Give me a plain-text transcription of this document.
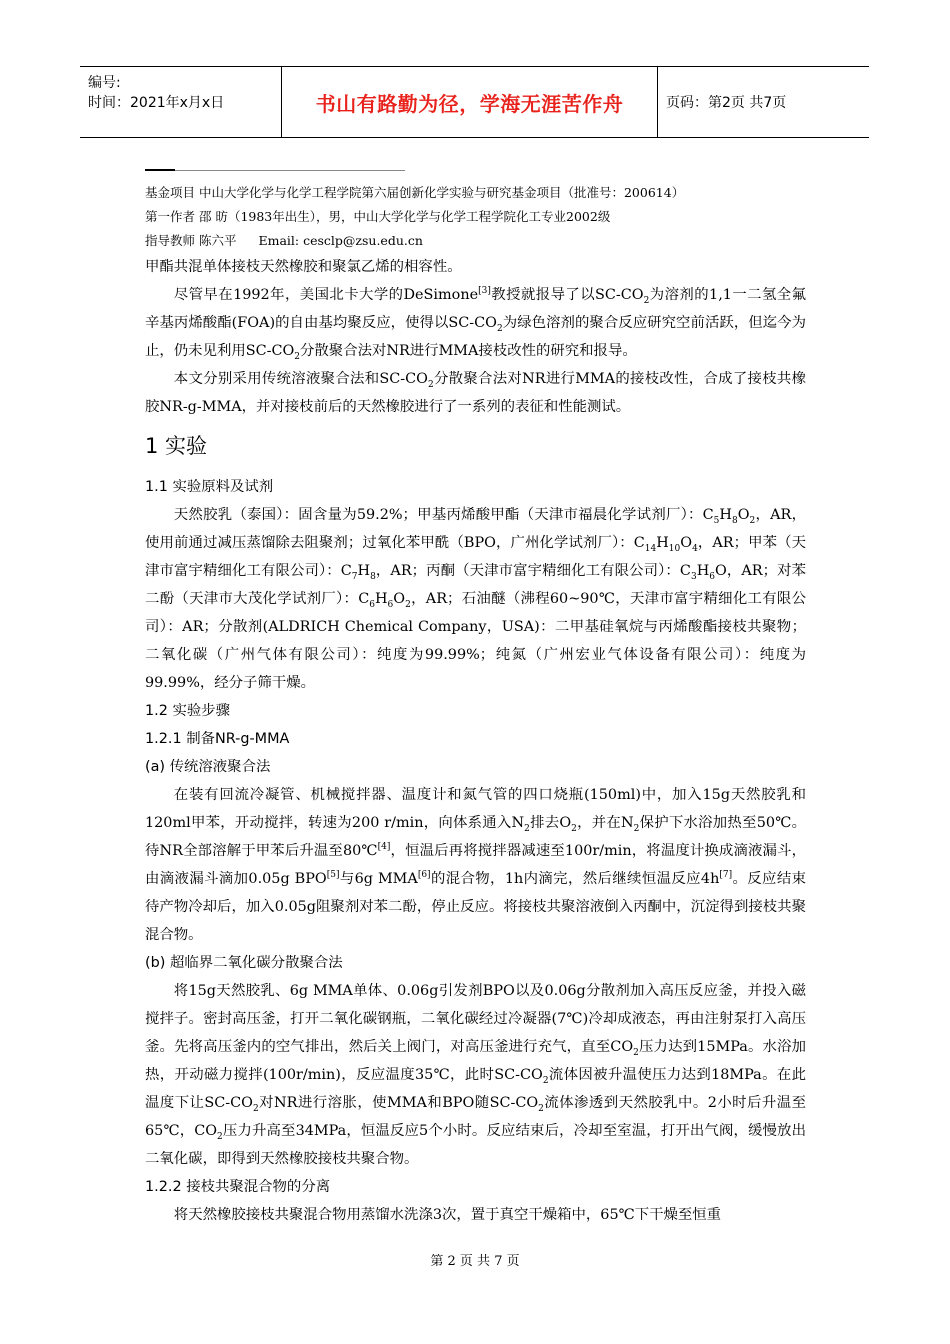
编号:
时间：2021年x月x日	书山有路勤为径，学海无涯苦作舟	页码：第2页 共7页
基金项目 中山大学化学与化学工程学院第六届创新化学实验与研究基金项目（批准号：200614）
第一作者 邵 昉（1983年出生），男，中山大学化学与化学工程学院化工专业2002级
指导教师 陈六平 Email: cesclp@zsu.edu.cn

甲酯共混单体接枝天然橡胶和聚氯乙烯的相容性。

尽管早在1992年，美国北卡大学的DeSimone[3]教授就报导了以$SC-CO_2$为溶剂的1,1一二氢全氟辛基丙烯酸酯(FOA)的自由基均聚反应，使得以$SC-CO_2$为绿色溶剂的聚合反应研究空前活跃，但迄今为止，仍未见利用$SC-CO_2$分散聚合法对NR进行MMA接枝改性的研究和报导。

本文分别采用传统溶液聚合法和$SC-CO_2$分散聚合法对NR进行MMA的接枝改性，合成了接枝共橡胶NR-g-MMA，并对接枝前后的天然橡胶进行了一系列的表征和性能测试。

1 实验
1.1 实验原料及试剂

天然胶乳（泰国）：固含量为59.2%；甲基丙烯酸甲酯（天津市福晨化学试剂厂）：$C_5H_8O_2$，AR，使用前通过减压蒸馏除去阻聚剂；过氧化苯甲酰（BPO，广州化学试剂厂）：$C_{14}H_{10}O_4$，AR；甲苯（天津市富宇精细化工有限公司）：$C_7H_8$，AR；丙酮（天津市富宇精细化工有限公司）：$C_3H_6O$，AR；对苯二酚（天津市大茂化学试剂厂）：$C_6H_6O_2$，AR；石油醚（沸程60~90℃，天津市富宇精细化工有限公司）：AR；分散剂(ALDRICH Chemical Company，USA)：二甲基硅氧烷与丙烯酸酯接枝共聚物；二氧化碳（广州气体有限公司）：纯度为99.99%；纯氮（广州宏业气体设备有限公司）：纯度为99.99%，经分子筛干燥。

1.2 实验步骤
1.2.1 制备NR-g-MMA
(a) 传统溶液聚合法

在装有回流冷凝管、机械搅拌器、温度计和氮气管的四口烧瓶(150ml)中，加入15g天然胶乳和120ml甲苯，开动搅拌，转速为200 r/min，向体系通入$N_2$排去$O_2$，并在$N_2$保护下水浴加热至50℃。待NR全部溶解于甲苯后升温至80℃[4]，恒温后再将搅拌器减速至100r/min，将温度计换成滴液漏斗，由滴液漏斗滴加0.05g BPO[5]与6g MMA[6]的混合物，1h内滴完，然后继续恒温反应4h[7]。反应结束待产物冷却后，加入0.05g阻聚剂对苯二酚，停止反应。将接枝共聚溶液倒入丙酮中，沉淀得到接枝共聚混合物。

(b) 超临界二氧化碳分散聚合法

将15g天然胶乳、6g MMA单体、0.06g引发剂BPO以及0.06g分散剂加入高压反应釜，并投入磁搅拌子。密封高压釜，打开二氧化碳钢瓶，二氧化碳经过冷凝器(7℃)冷却成液态，再由注射泵打入高压釜。先将高压釜内的空气排出，然后关上阀门，对高压釜进行充气，直至$CO_2$压力达到15MPa。水浴加热，开动磁力搅拌(100r/min)，反应温度35℃，此时$SC-CO_2$流体因被升温使压力达到18MPa。在此温度下让$SC-CO_2$对NR进行溶胀，使MMA和BPO随$SC-CO_2$流体渗透到天然胶乳中。2小时后升温至65℃，$CO_2$压力升高至34MPa，恒温反应5个小时。反应结束后，冷却至室温，打开出气阀，缓慢放出二氧化碳，即得到天然橡胶接枝共聚合物。

1.2.2 接枝共聚混合物的分离

将天然橡胶接枝共聚混合物用蒸馏水洗涤3次，置于真空干燥箱中，65℃下干燥至恒重

第 2 页 共 7 页
